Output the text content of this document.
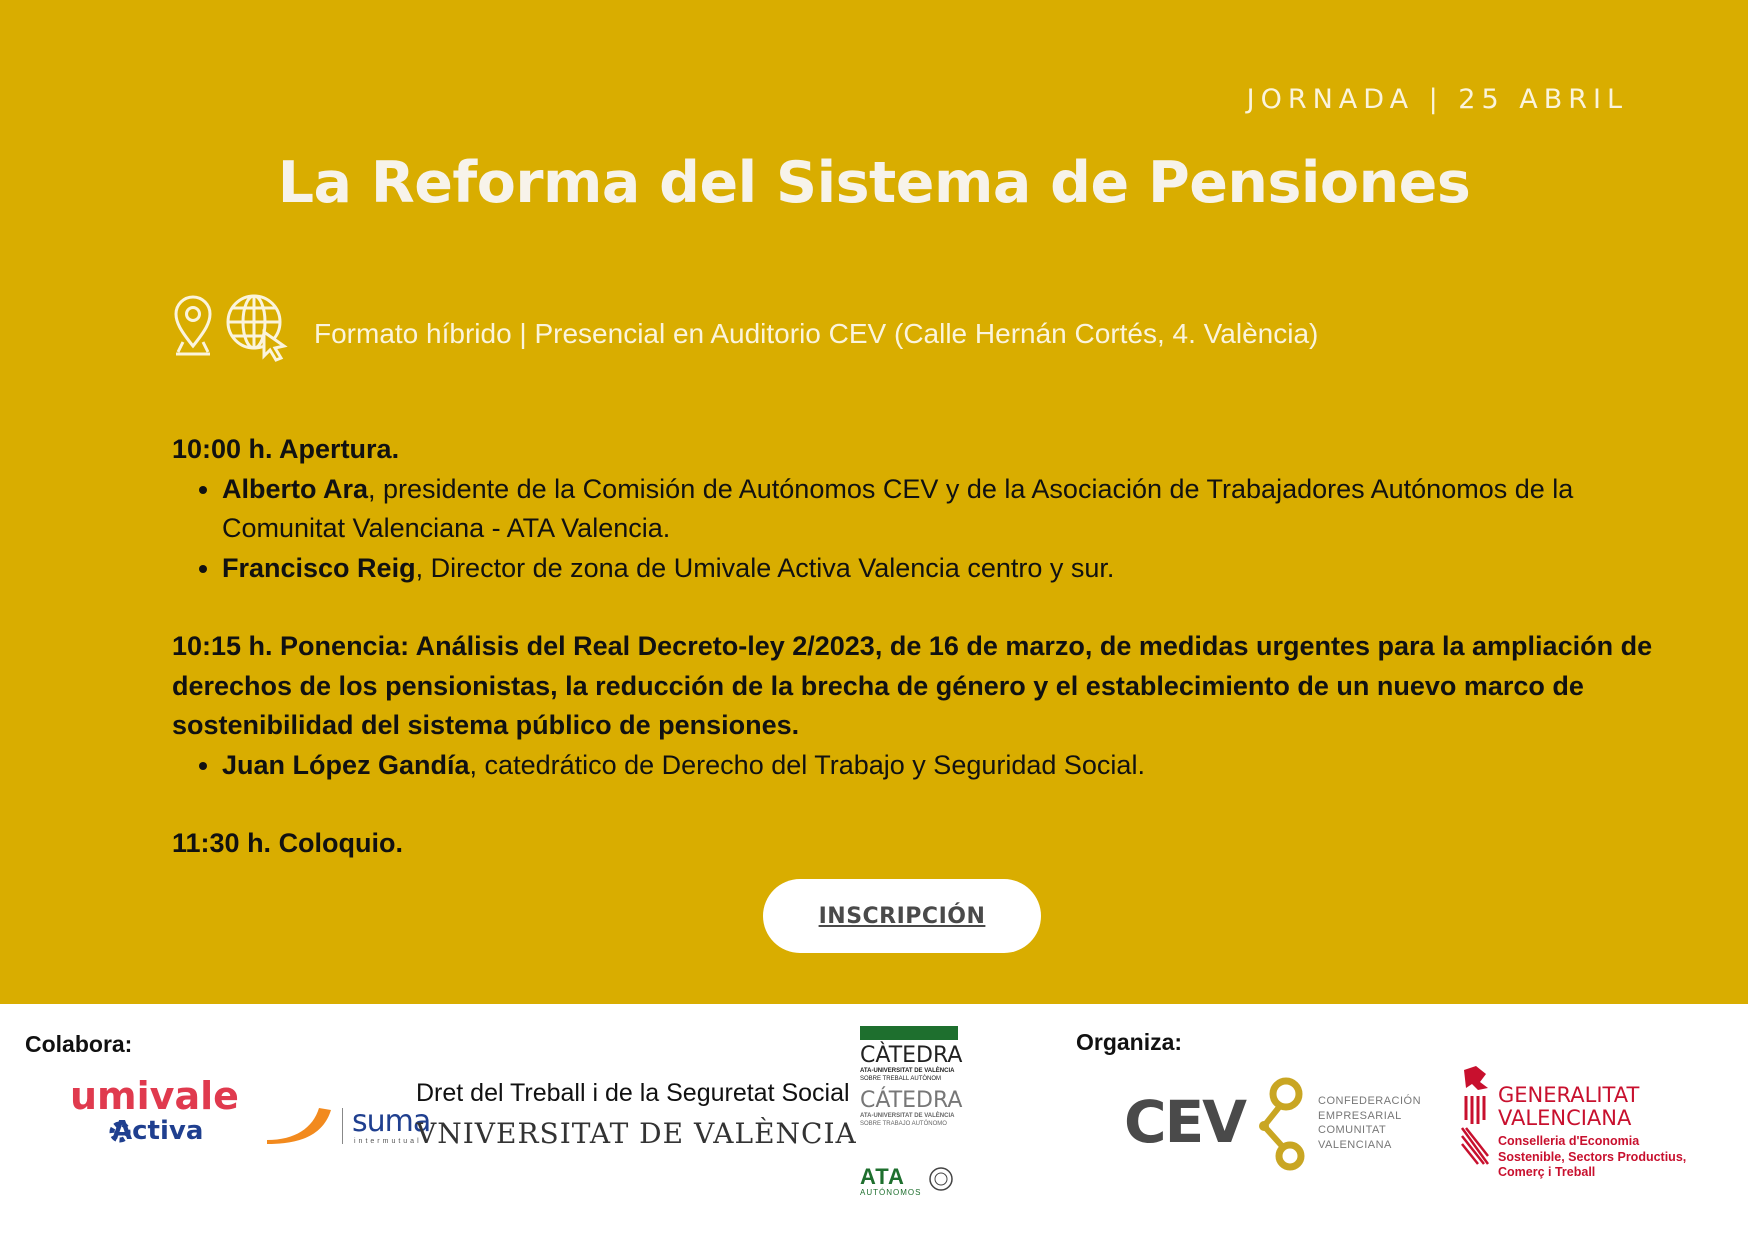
JORNADA | 25 ABRIL
La Reforma del Sistema de Pensiones
Formato híbrido | Presencial en Auditorio CEV (Calle Hernán Cortés, 4. València)
10:00 h. Apertura.
• Alberto Ara, presidente de la Comisión de Autónomos CEV y de la Asociación de Trabajadores Autónomos de la Comunitat Valenciana - ATA Valencia.
• Francisco Reig, Director de zona de Umivale Activa Valencia centro y sur.
10:15 h. Ponencia: Análisis del Real Decreto-ley 2/2023, de 16 de marzo, de medidas urgentes para la ampliación de derechos de los pensionistas, la reducción de la brecha de género y el establecimiento de un nuevo marco de sostenibilidad del sistema público de pensiones.
• Juan López Gandía, catedrático de Derecho del Trabajo y Seguridad Social.
11:30 h. Coloquio.
INSCRIPCIÓN
Colabora:	Organiza:
umivale
Activa	suma
intermutual
Dret del Treball i de la Seguretat Social
VNIVERSITAT DE VALÈNCIA
CÀTEDRA
ATA-UNIVERSITAT DE VALÈNCIA
SOBRE TREBALL AUTÒNOM
CÁTEDRA
ATA-UNIVERSITAT DE VALÈNCIA
SOBRE TRABAJO AUTÓNOMO
ATA
AUTÓNOMOS
CEV	CONFEDERACIÓN
EMPRESARIAL
COMUNITAT
VALENCIANA
GENERALITAT
VALENCIANA
Conselleria d'Economia
Sostenible, Sectors Productius,
Comerç i Treball
